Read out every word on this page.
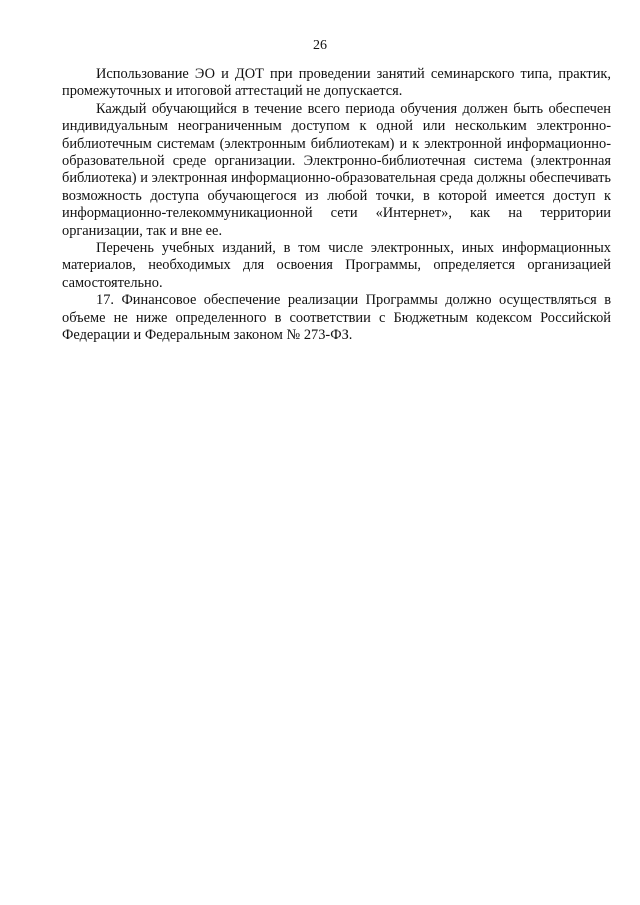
26

Использование ЭО и ДОТ при проведении занятий семинарского типа, практик, промежуточных и итоговой аттестаций не допускается.

Каждый обучающийся в течение всего периода обучения должен быть обеспечен индивидуальным неограниченным доступом к одной или нескольким электронно-библиотечным системам (электронным библиотекам) и к электронной информационно-образовательной среде организации. Электронно-библиотечная система (электронная библиотека) и электронная информационно-образовательная среда должны обеспечивать возможность доступа обучающегося из любой точки, в которой имеется доступ к информационно-телекоммуникационной сети «Интернет», как на территории организации, так и вне ее.

Перечень учебных изданий, в том числе электронных, иных информационных материалов, необходимых для освоения Программы, определяется организацией самостоятельно.

17. Финансовое обеспечение реализации Программы должно осуществляться в объеме не ниже определенного в соответствии с Бюджетным кодексом Российской Федерации и Федеральным законом № 273-ФЗ.
